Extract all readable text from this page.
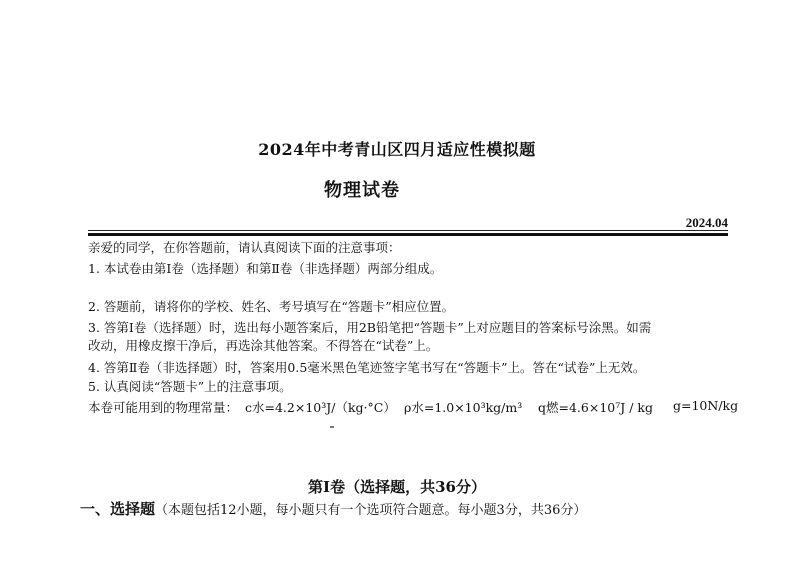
2024年中考青山区四月适应性模拟题
物理试卷
2024.04
亲爱的同学，在你答题前，请认真阅读下面的注意事项：
1. 本试卷由第Ⅰ卷（选择题）和第Ⅱ卷（非选择题）两部分组成。
2. 答题前，请将你的学校、姓名、考号填写在“答题卡”相应位置。
3. 答第Ⅰ卷（选择题）时，选出每小题答案后，用2B铅笔把“答题卡”上对应题目的答案标号涂黑。如需
改动，用橡皮擦干净后，再选涂其他答案。不得答在“试卷”上。
4. 答第Ⅱ卷（非选择题）时，答案用0.5毫米黑色笔迹签字笔书写在“答题卡”上。答在“试卷”上无效。
5. 认真阅读“答题卡”上的注意事项。
本卷可能用到的物理常量： c水=4.2×10³J/（kg·°C） ρ水=1.0×10³kg/m³ q燃=4.6×10⁷J / kg g=10N/kg
第Ⅰ卷（选择题，共36分）
一、选择题（本题包括12小题，每小题只有一个选项符合题意。每小题3分，共36分）
